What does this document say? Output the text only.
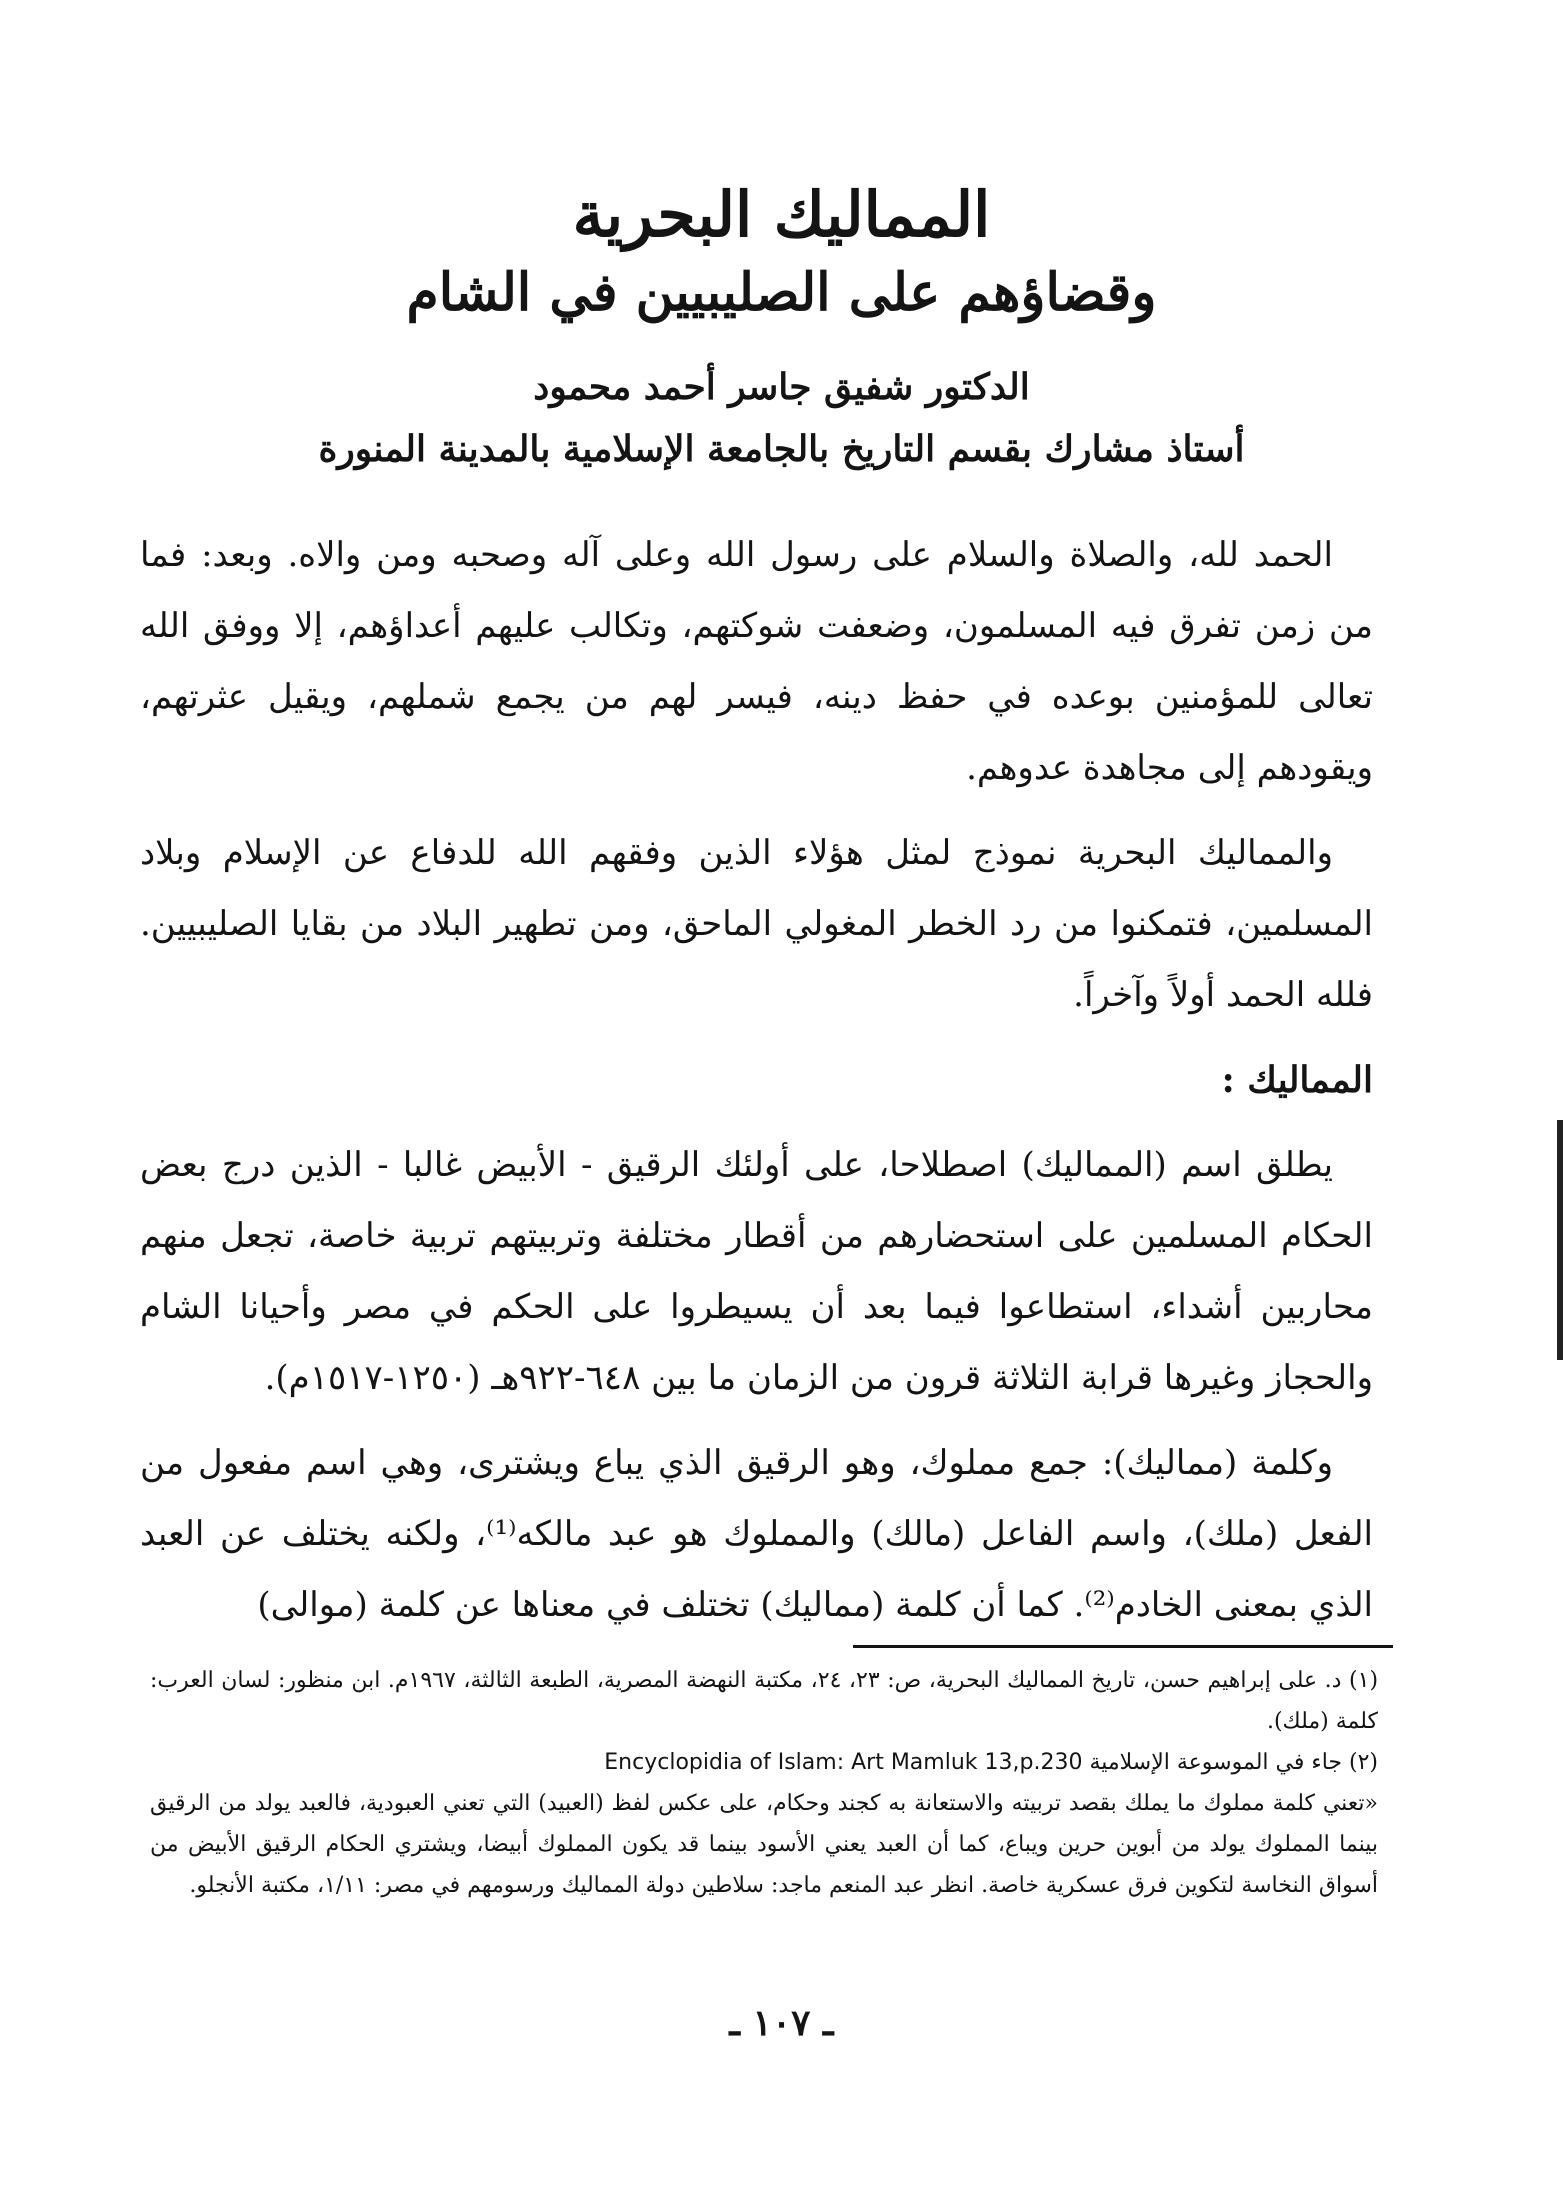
المماليك البحرية
وقضاؤهم على الصليبيين في الشام
الدكتور شفيق جاسر أحمد محمود
أستاذ مشارك بقسم التاريخ بالجامعة الإسلامية بالمدينة المنورة

الحمد لله، والصلاة والسلام على رسول الله وعلى آله وصحبه ومن والاه. وبعد: فما من زمن تفرق فيه المسلمون، وضعفت شوكتهم، وتكالب عليهم أعداؤهم، إلا ووفق الله تعالى للمؤمنين بوعده في حفظ دينه، فيسر لهم من يجمع شملهم، ويقيل عثرتهم، ويقودهم إلى مجاهدة عدوهم.

والمماليك البحرية نموذج لمثل هؤلاء الذين وفقهم الله للدفاع عن الإسلام وبلاد المسلمين، فتمكنوا من رد الخطر المغولي الماحق، ومن تطهير البلاد من بقايا الصليبيين. فلله الحمد أولاً وآخراً.

المماليك :

يطلق اسم (المماليك) اصطلاحا، على أولئك الرقيق - الأبيض غالبا - الذين درج بعض الحكام المسلمين على استحضارهم من أقطار مختلفة وتربيتهم تربية خاصة، تجعل منهم محاربين أشداء، استطاعوا فيما بعد أن يسيطروا على الحكم في مصر وأحيانا الشام والحجاز وغيرها قرابة الثلاثة قرون من الزمان ما بين ٦٤٨-٩٢٢هـ (١٢٥٠-١٥١٧م).

وكلمة (مماليك): جمع مملوك، وهو الرقيق الذي يباع ويشترى، وهي اسم مفعول من الفعل (ملك)، واسم الفاعل (مالك) والمملوك هو عبد مالكه⁽¹⁾، ولكنه يختلف عن العبد الذي بمعنى الخادم⁽²⁾. كما أن كلمة (مماليك) تختلف في معناها عن كلمة (موالى)

(١) د. على إبراهيم حسن، تاريخ المماليك البحرية، ص: ٢٣، ٢٤، مكتبة النهضة المصرية، الطبعة الثالثة، ١٩٦٧م. ابن منظور: لسان العرب: كلمة (ملك).

(٢) جاء في الموسوعة الإسلامية Encyclopidia of Islam: Art Mamluk 13,p.230

«تعني كلمة مملوك ما يملك بقصد تربيته والاستعانة به كجند وحكام، على عكس لفظ (العبيد) التي تعني العبودية، فالعبد يولد من الرقيق بينما المملوك يولد من أبوين حرين ويباع، كما أن العبد يعني الأسود بينما قد يكون المملوك أبيضا، ويشتري الحكام الرقيق الأبيض من أسواق النخاسة لتكوين فرق عسكرية خاصة. انظر عبد المنعم ماجد: سلاطين دولة المماليك ورسومهم في مصر: ١/١١، مكتبة الأنجلو.

ـ ١٠٧ ـ
